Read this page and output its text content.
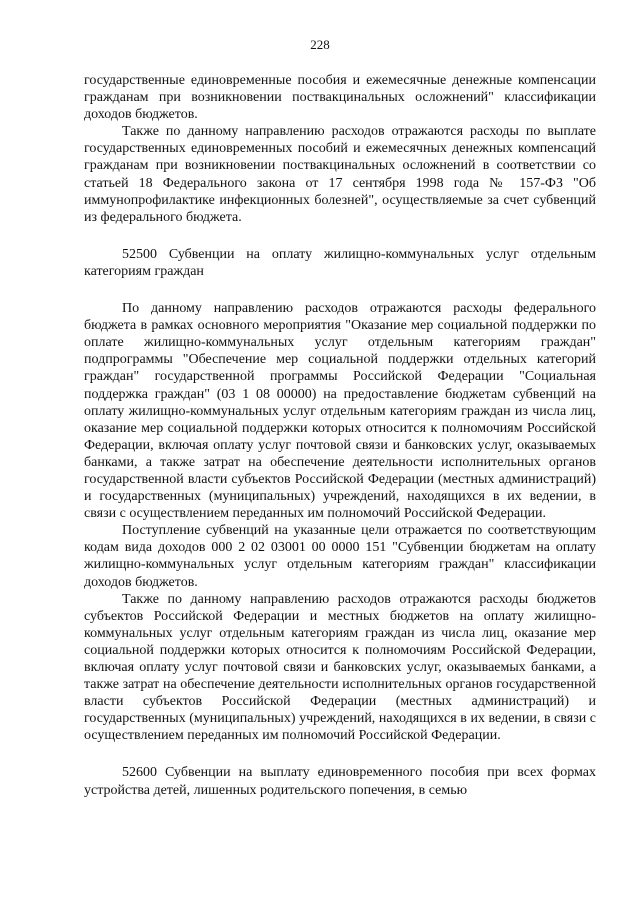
228

государственные единовременные пособия и ежемесячные денежные компенсации гражданам при возникновении поствакцинальных осложнений" классификации доходов бюджетов.

Также по данному направлению расходов отражаются расходы по выплате государственных единовременных пособий и ежемесячных денежных компенсаций гражданам при возникновении поствакцинальных осложнений в соответствии со статьей 18 Федерального закона от 17 сентября 1998 года № 157-ФЗ "Об иммунопрофилактике инфекционных болезней", осуществляемые за счет субвенций из федерального бюджета.

52500 Субвенции на оплату жилищно-коммунальных услуг отдельным категориям граждан

По данному направлению расходов отражаются расходы федерального бюджета в рамках основного мероприятия "Оказание мер социальной поддержки по оплате жилищно-коммунальных услуг отдельным категориям граждан" подпрограммы "Обеспечение мер социальной поддержки отдельных категорий граждан" государственной программы Российской Федерации "Социальная поддержка граждан" (03 1 08 00000) на предоставление бюджетам субвенций на оплату жилищно-коммунальных услуг отдельным категориям граждан из числа лиц, оказание мер социальной поддержки которых относится к полномочиям Российской Федерации, включая оплату услуг почтовой связи и банковских услуг, оказываемых банками, а также затрат на обеспечение деятельности исполнительных органов государственной власти субъектов Российской Федерации (местных администраций) и государственных (муниципальных) учреждений, находящихся в их ведении, в связи с осуществлением переданных им полномочий Российской Федерации.

Поступление субвенций на указанные цели отражается по соответствующим кодам вида доходов 000 2 02 03001 00 0000 151 "Субвенции бюджетам на оплату жилищно-коммунальных услуг отдельным категориям граждан" классификации доходов бюджетов.

Также по данному направлению расходов отражаются расходы бюджетов субъектов Российской Федерации и местных бюджетов на оплату жилищно-коммунальных услуг отдельным категориям граждан из числа лиц, оказание мер социальной поддержки которых относится к полномочиям Российской Федерации, включая оплату услуг почтовой связи и банковских услуг, оказываемых банками, а также затрат на обеспечение деятельности исполнительных органов государственной власти субъектов Российской Федерации (местных администраций) и государственных (муниципальных) учреждений, находящихся в их ведении, в связи с осуществлением переданных им полномочий Российской Федерации.

52600 Субвенции на выплату единовременного пособия при всех формах устройства детей, лишенных родительского попечения, в семью
